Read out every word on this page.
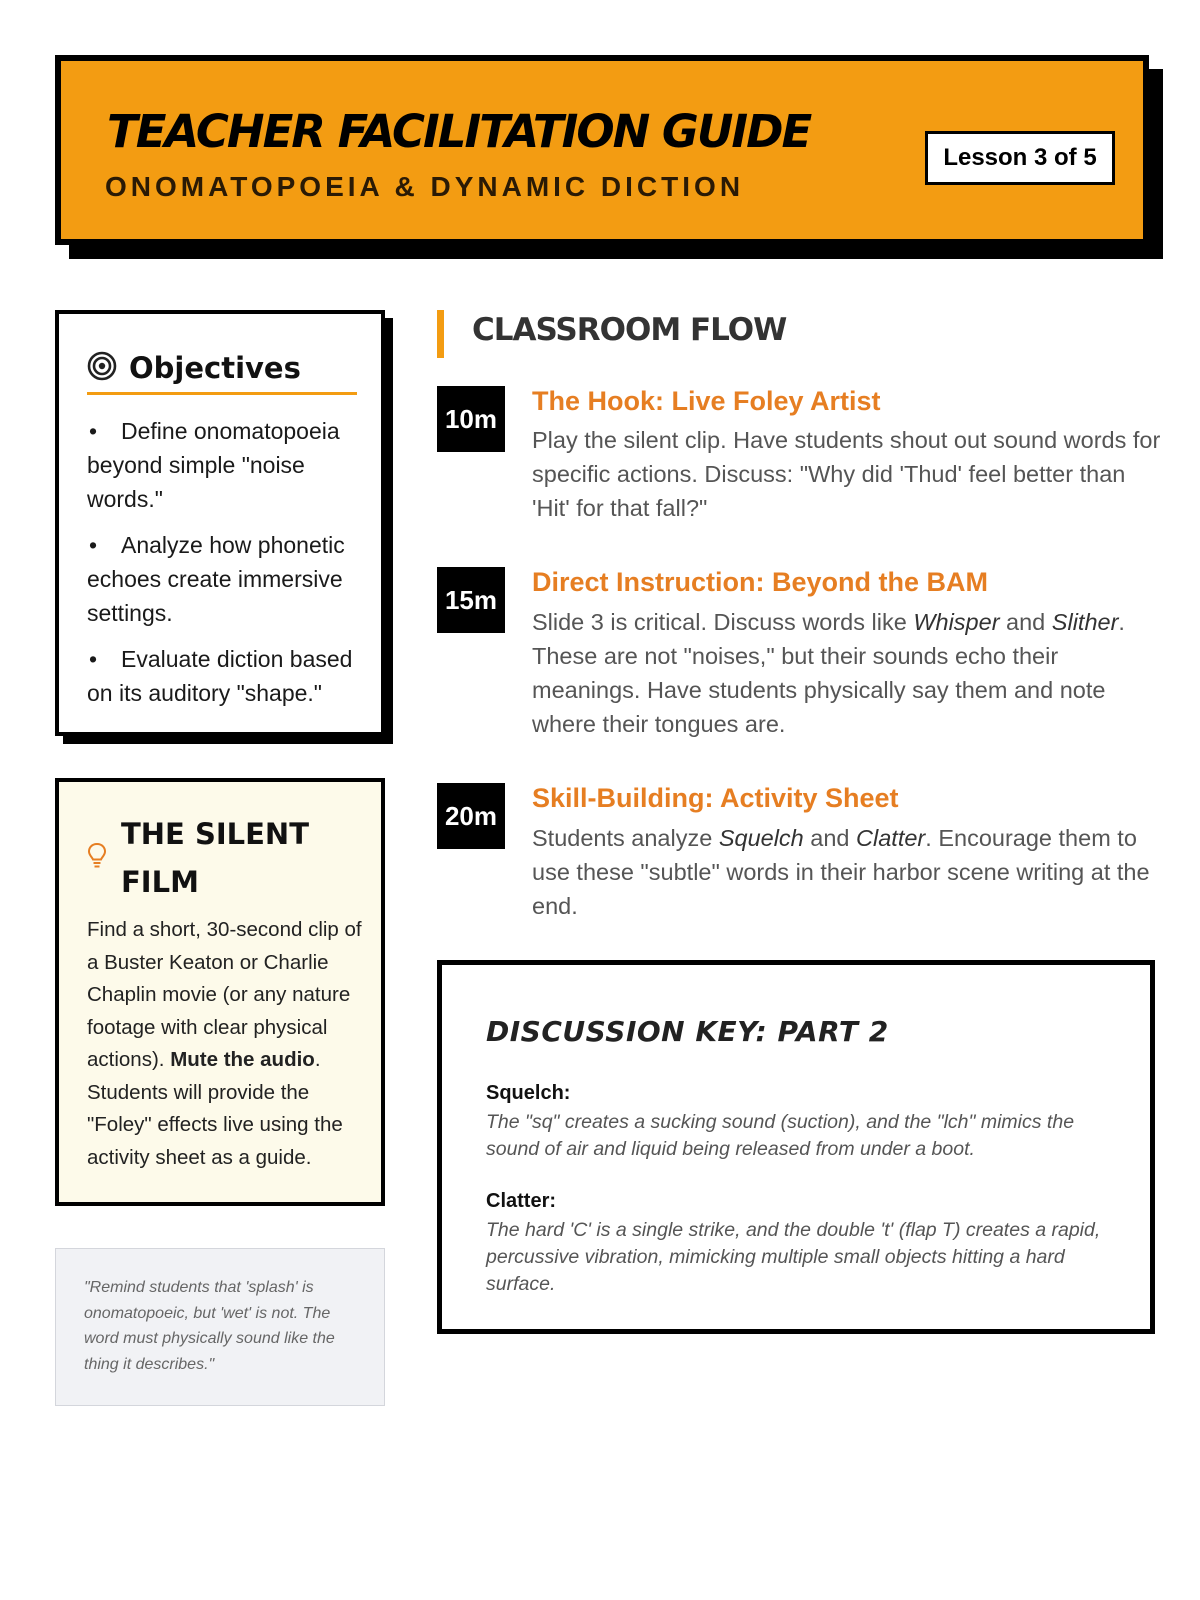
TEACHER FACILITATION GUIDE
ONOMATOPOEIA & DYNAMIC DICTION
Lesson 3 of 5
Objectives
• Define onomatopoeia beyond simple "noise words."
• Analyze how phonetic echoes create immersive settings.
• Evaluate diction based on its auditory "shape."
THE SILENT FILM
Find a short, 30-second clip of a Buster Keaton or Charlie Chaplin movie (or any nature footage with clear physical actions). Mute the audio. Students will provide the "Foley" effects live using the activity sheet as a guide.
"Remind students that 'splash' is onomatopoeic, but 'wet' is not. The word must physically sound like the thing it describes."
CLASSROOM FLOW
10m
The Hook: Live Foley Artist
Play the silent clip. Have students shout out sound words for specific actions. Discuss: "Why did 'Thud' feel better than 'Hit' for that fall?"
15m
Direct Instruction: Beyond the BAM
Slide 3 is critical. Discuss words like Whisper and Slither. These are not "noises," but their sounds echo their meanings. Have students physically say them and note where their tongues are.
20m
Skill-Building: Activity Sheet
Students analyze Squelch and Clatter. Encourage them to use these "subtle" words in their harbor scene writing at the end.
DISCUSSION KEY: PART 2
Squelch:
The "sq" creates a sucking sound (suction), and the "lch" mimics the sound of air and liquid being released from under a boot.
Clatter:
The hard 'C' is a single strike, and the double 't' (flap T) creates a rapid, percussive vibration, mimicking multiple small objects hitting a hard surface.
